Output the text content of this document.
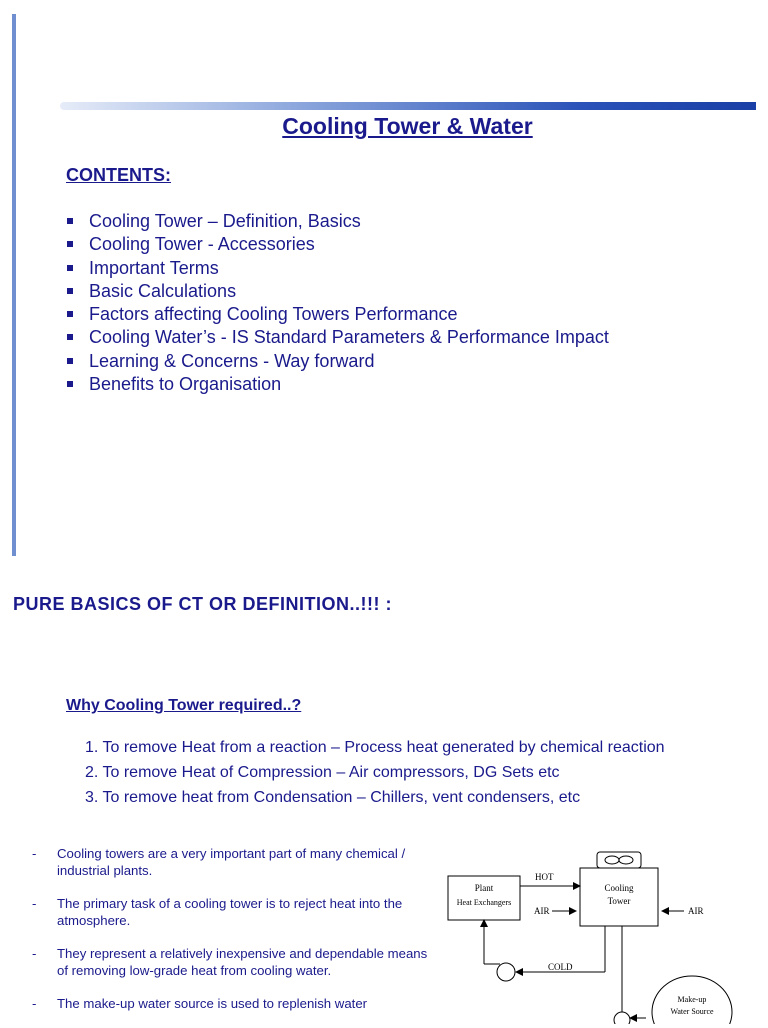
Cooling Tower & Water
CONTENTS:
Cooling Tower – Definition, Basics
Cooling Tower - Accessories
Important Terms
Basic Calculations
Factors affecting Cooling Towers Performance
Cooling Water’s - IS Standard Parameters & Performance Impact
Learning & Concerns - Way forward
Benefits to Organisation
PURE BASICS OF CT OR DEFINITION..!!! :
Why Cooling Tower required..?
1. To remove Heat from a reaction – Process heat generated by chemical reaction
2. To remove Heat of Compression – Air compressors, DG Sets etc
3. To remove heat from Condensation – Chillers, vent condensers, etc
- Cooling towers are a very important part of many chemical / industrial plants.
- The primary task of a cooling tower is to reject heat into the atmosphere.
- They represent a relatively inexpensive and dependable means of removing low-grade heat from cooling water.
- The make-up water source is used to replenish water
Plant
Heat Exchangers
Cooling
Tower
HOT
AIR	AIR
COLD
Make-up
Water Source
